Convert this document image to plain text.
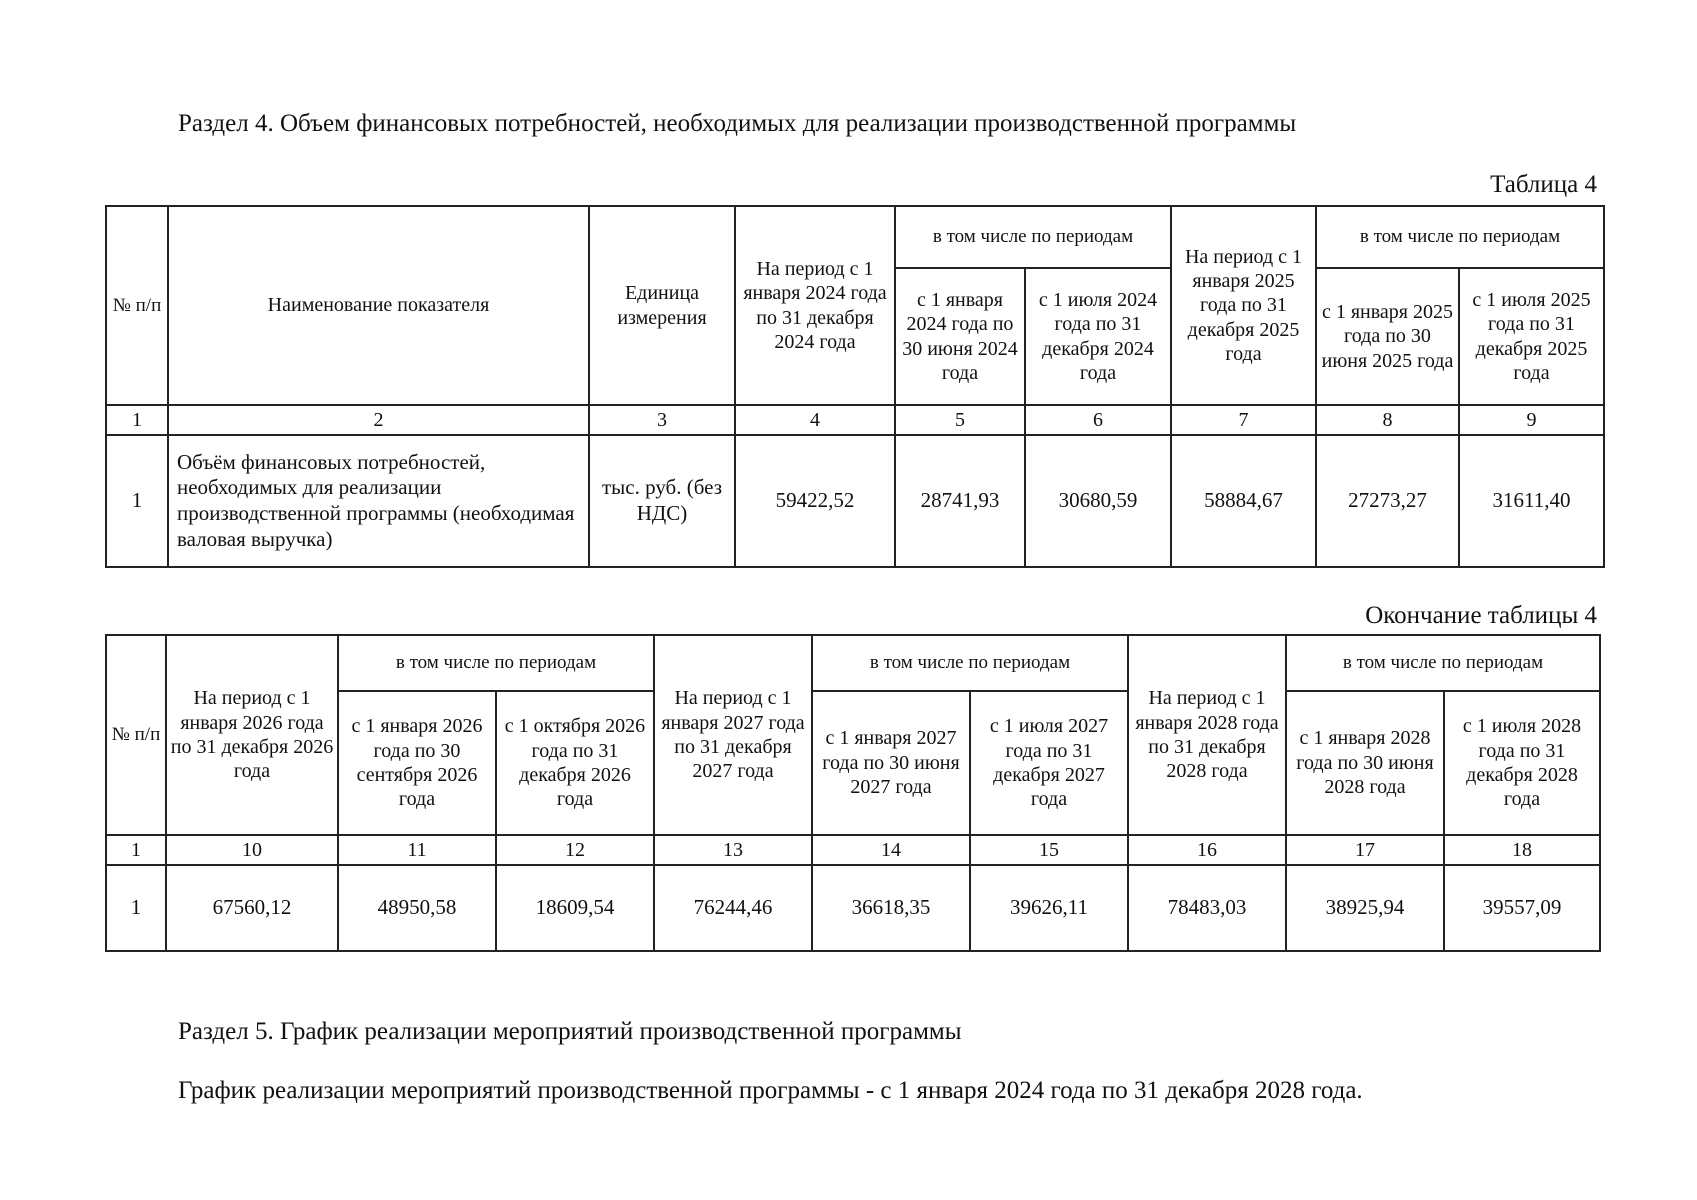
Раздел 4. Объем финансовых потребностей, необходимых для реализации производственной программы
Таблица 4
№ п/п	Наименование показателя	Единица измерения	На период с 1 января 2024 года по 31 декабря 2024 года	в том числе по периодам		На период с 1 января 2025 года по 31 декабря 2025 года	в том числе по периодам	
				с 1 января 2024 года по 30 июня 2024 года	с 1 июля 2024 года по 31 декабря 2024 года		с 1 января 2025 года по 30 июня 2025 года	с 1 июля 2025 года по 31 декабря 2025 года
1	2	3	4	5	6	7	8	9
1	Объём финансовых потребностей, необходимых для реализации производственной программы (необходимая валовая выручка)	тыс. руб. (без НДС)	59422,52	28741,93	30680,59	58884,67	27273,27	31611,40
Окончание таблицы 4
№ п/п	На период с 1 января 2026 года по 31 декабря 2026 года	в том числе по периодам		На период с 1 января 2027 года по 31 декабря 2027 года	в том числе по периодам		На период с 1 января 2028 года по 31 декабря 2028 года	в том числе по периодам	
		с 1 января 2026 года по 30 сентября 2026 года	с 1 октября 2026 года по 31 декабря 2026 года		с 1 января 2027 года по 30 июня 2027 года	с 1 июля 2027 года по 31 декабря 2027 года		с 1 января 2028 года по 30 июня 2028 года	с 1 июля 2028 года по 31 декабря 2028 года
1	10	11	12	13	14	15	16	17	18
1	67560,12	48950,58	18609,54	76244,46	36618,35	39626,11	78483,03	38925,94	39557,09
Раздел 5. График реализации мероприятий производственной программы
График реализации мероприятий производственной программы - с 1 января 2024 года по 31 декабря 2028 года.
